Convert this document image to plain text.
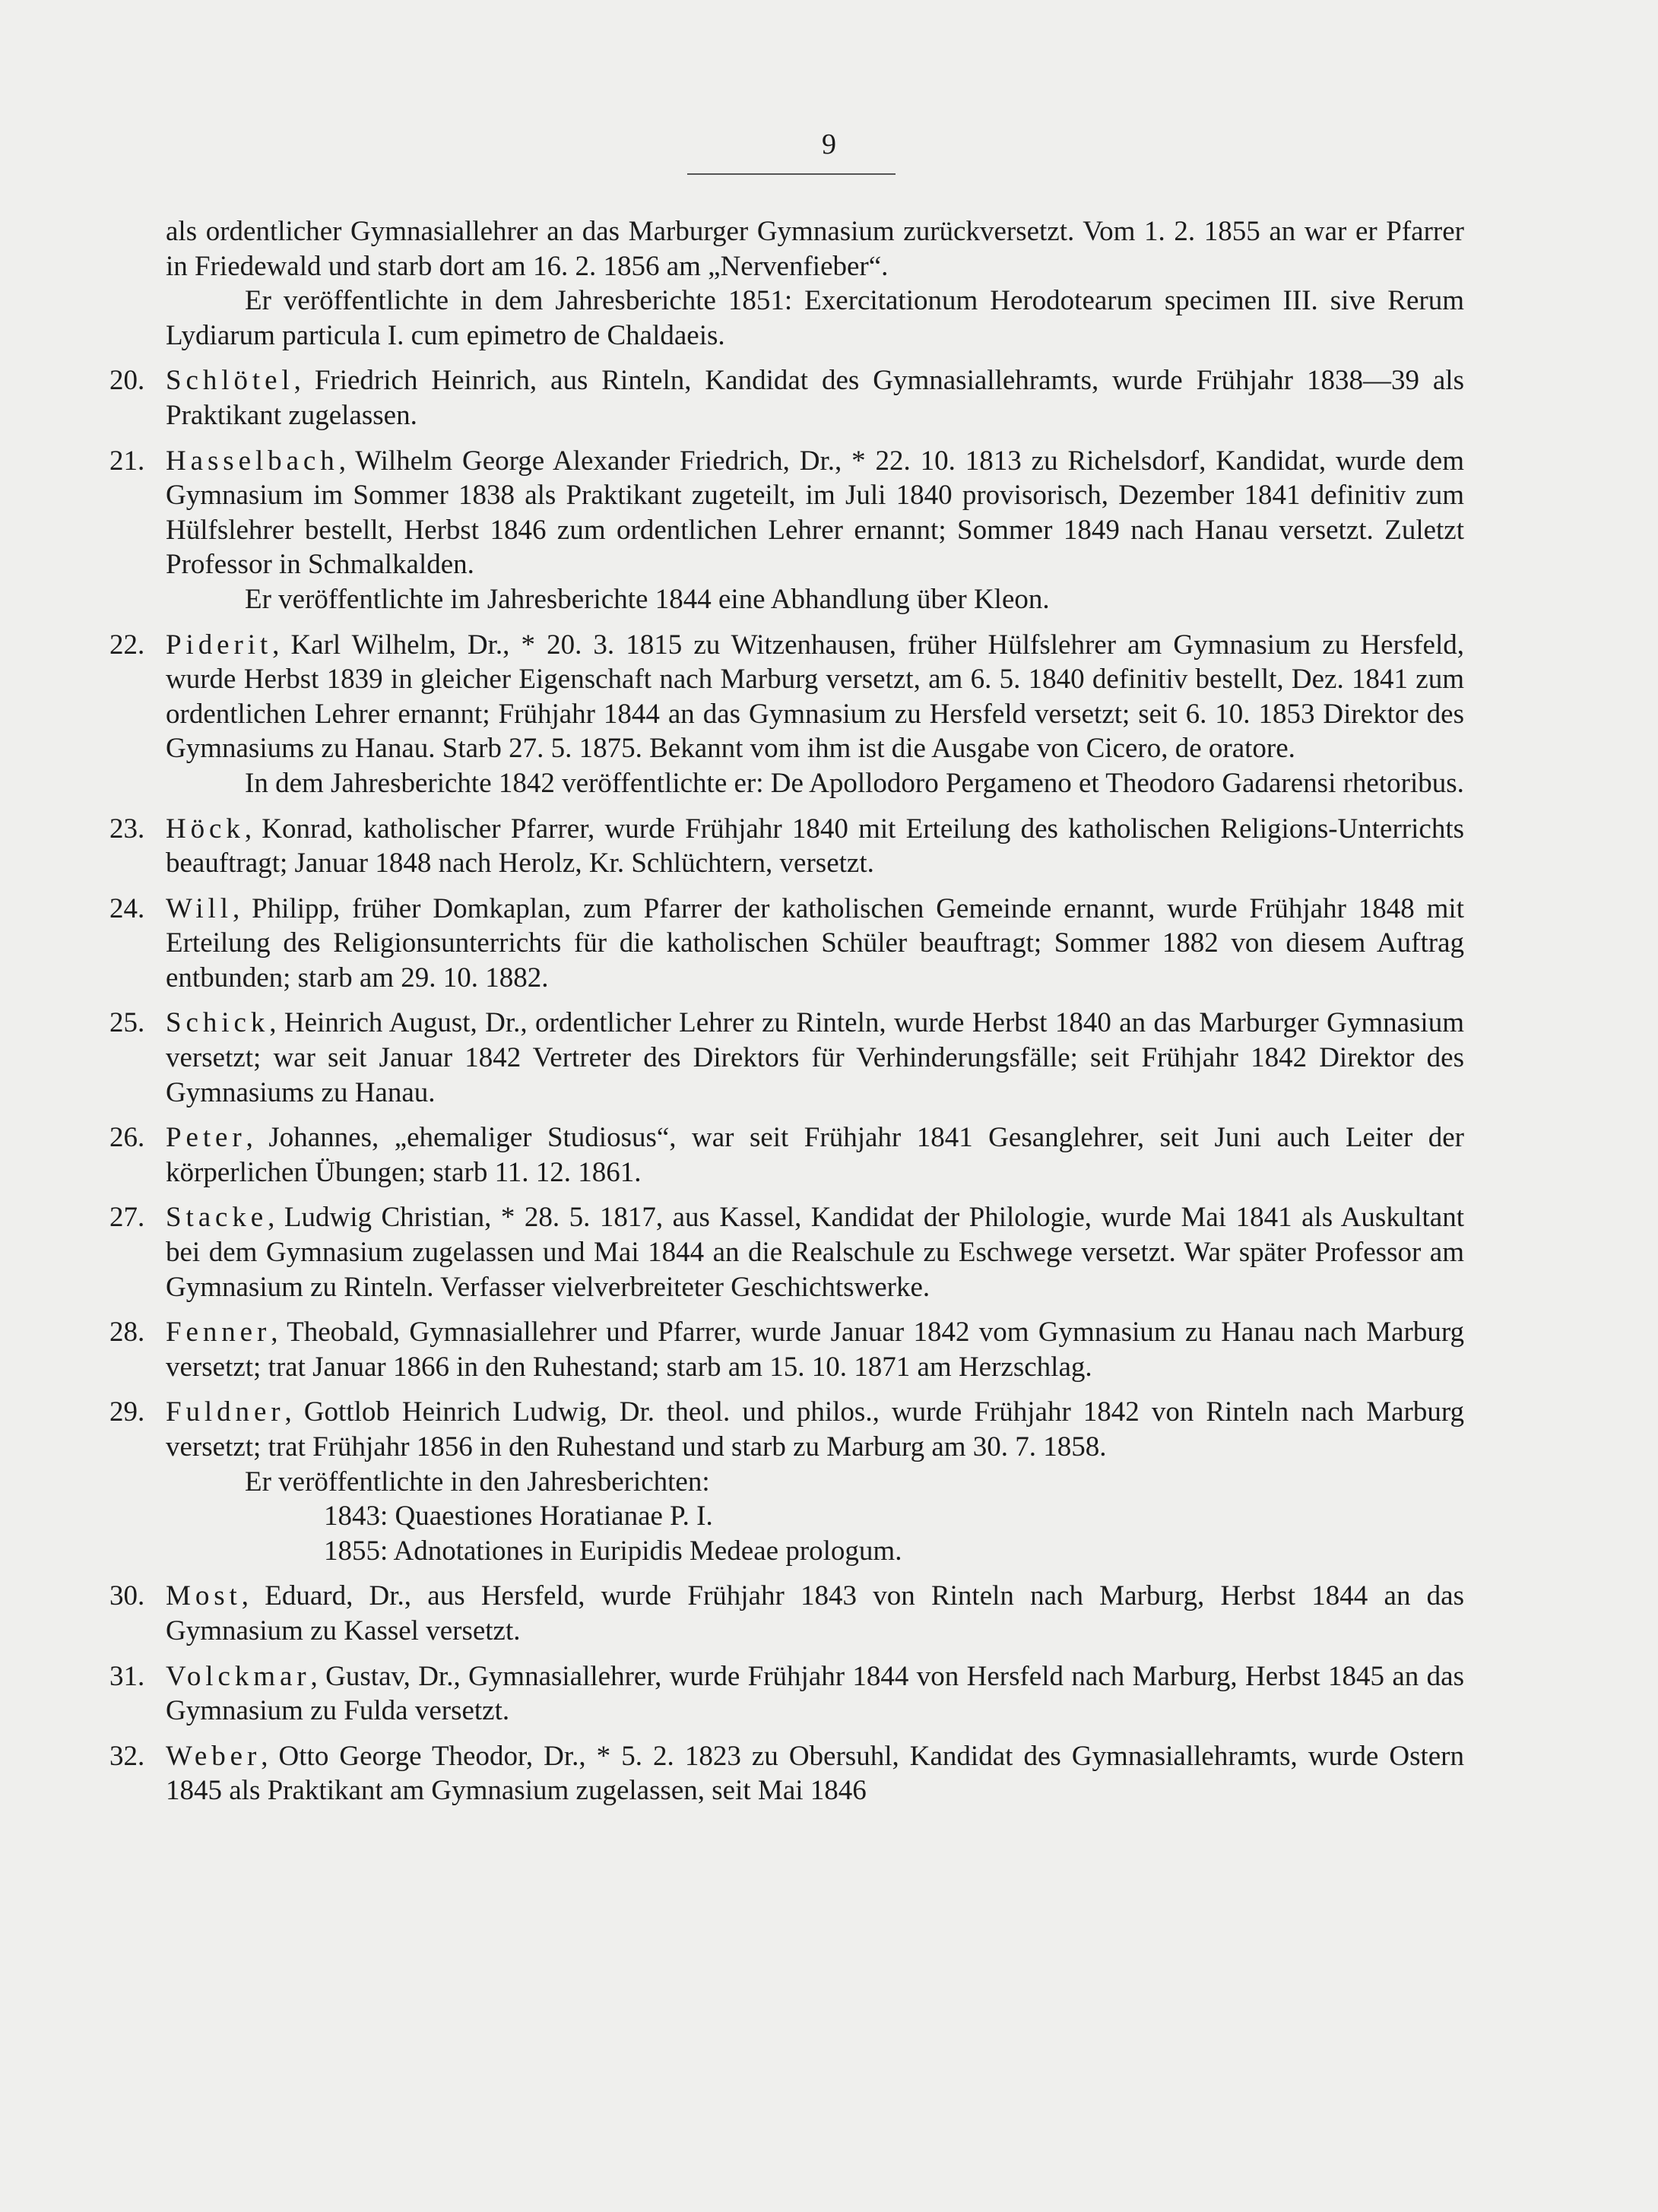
9

als ordentlicher Gymnasiallehrer an das Marburger Gymnasium zurückversetzt. Vom 1. 2. 1855 an war er Pfarrer in Friedewald und starb dort am 16. 2. 1856 am „Nervenfieber“.

Er veröffentlichte in dem Jahresberichte 1851: Exercitationum Herodotearum specimen III. sive Rerum Lydiarum particula I. cum epimetro de Chaldaeis.

20. Schlötel, Friedrich Heinrich, aus Rinteln, Kandidat des Gymnasiallehramts, wurde Frühjahr 1838—39 als Praktikant zugelassen.

21. Hasselbach, Wilhelm George Alexander Friedrich, Dr., * 22. 10. 1813 zu Richelsdorf, Kandidat, wurde dem Gymnasium im Sommer 1838 als Praktikant zugeteilt, im Juli 1840 provisorisch, Dezember 1841 definitiv zum Hülfslehrer bestellt, Herbst 1846 zum ordentlichen Lehrer ernannt; Sommer 1849 nach Hanau versetzt. Zuletzt Professor in Schmalkalden.

Er veröffentlichte im Jahresberichte 1844 eine Abhandlung über Kleon.

22. Piderit, Karl Wilhelm, Dr., * 20. 3. 1815 zu Witzenhausen, früher Hülfslehrer am Gymnasium zu Hersfeld, wurde Herbst 1839 in gleicher Eigenschaft nach Marburg versetzt, am 6. 5. 1840 definitiv bestellt, Dez. 1841 zum ordentlichen Lehrer ernannt; Frühjahr 1844 an das Gymnasium zu Hersfeld versetzt; seit 6. 10. 1853 Direktor des Gymnasiums zu Hanau. Starb 27. 5. 1875. Bekannt vom ihm ist die Ausgabe von Cicero, de oratore.

In dem Jahresberichte 1842 veröffentlichte er: De Apollodoro Pergameno et Theodoro Gadarensi rhetoribus.

23. Höck, Konrad, katholischer Pfarrer, wurde Frühjahr 1840 mit Erteilung des katholischen Religions-Unterrichts beauftragt; Januar 1848 nach Herolz, Kr. Schlüchtern, versetzt.

24. Will, Philipp, früher Domkaplan, zum Pfarrer der katholischen Gemeinde ernannt, wurde Frühjahr 1848 mit Erteilung des Religionsunterrichts für die katholischen Schüler beauftragt; Sommer 1882 von diesem Auftrag entbunden; starb am 29. 10. 1882.

25. Schick, Heinrich August, Dr., ordentlicher Lehrer zu Rinteln, wurde Herbst 1840 an das Marburger Gymnasium versetzt; war seit Januar 1842 Vertreter des Direktors für Verhinderungsfälle; seit Frühjahr 1842 Direktor des Gymnasiums zu Hanau.

26. Peter, Johannes, „ehemaliger Studiosus“, war seit Frühjahr 1841 Gesanglehrer, seit Juni auch Leiter der körperlichen Übungen; starb 11. 12. 1861.

27. Stacke, Ludwig Christian, * 28. 5. 1817, aus Kassel, Kandidat der Philologie, wurde Mai 1841 als Auskultant bei dem Gymnasium zugelassen und Mai 1844 an die Realschule zu Eschwege versetzt. War später Professor am Gymnasium zu Rinteln. Verfasser vielverbreiteter Geschichtswerke.

28. Fenner, Theobald, Gymnasiallehrer und Pfarrer, wurde Januar 1842 vom Gymnasium zu Hanau nach Marburg versetzt; trat Januar 1866 in den Ruhestand; starb am 15. 10. 1871 am Herzschlag.

29. Fuldner, Gottlob Heinrich Ludwig, Dr. theol. und philos., wurde Frühjahr 1842 von Rinteln nach Marburg versetzt; trat Frühjahr 1856 in den Ruhestand und starb zu Marburg am 30. 7. 1858.

Er veröffentlichte in den Jahresberichten:

1843: Quaestiones Horatianae P. I.

1855: Adnotationes in Euripidis Medeae prologum.

30. Most, Eduard, Dr., aus Hersfeld, wurde Frühjahr 1843 von Rinteln nach Marburg, Herbst 1844 an das Gymnasium zu Kassel versetzt.

31. Volckmar, Gustav, Dr., Gymnasiallehrer, wurde Frühjahr 1844 von Hersfeld nach Marburg, Herbst 1845 an das Gymnasium zu Fulda versetzt.

32. Weber, Otto George Theodor, Dr., * 5. 2. 1823 zu Obersuhl, Kandidat des Gymnasiallehramts, wurde Ostern 1845 als Praktikant am Gymnasium zugelassen, seit Mai 1846
